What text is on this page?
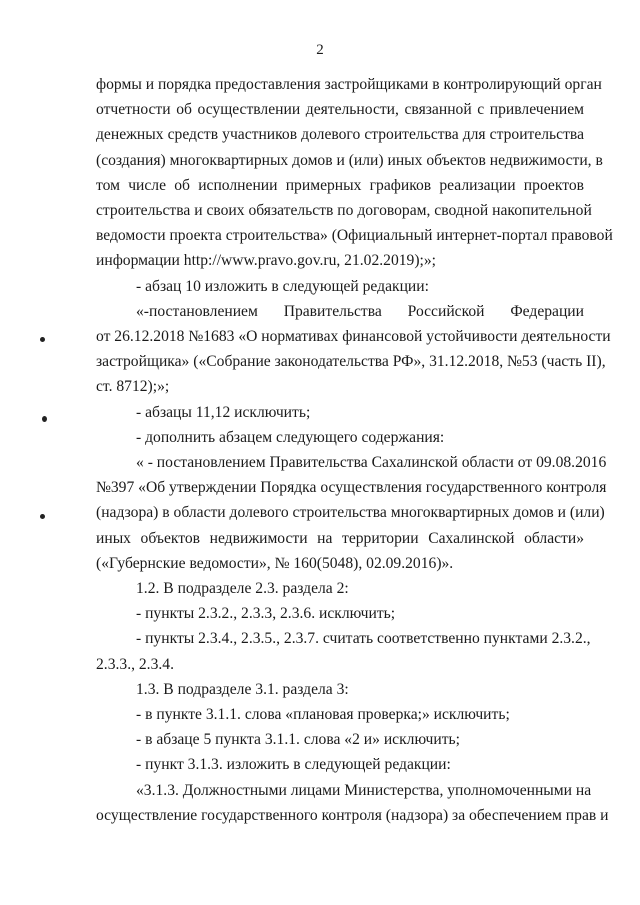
2
формы и порядка предоставления застройщиками в контролирующий орган
отчетности об осуществлении деятельности, связанной с привлечением
денежных средств участников долевого строительства для строительства
(создания) многоквартирных домов и (или) иных объектов недвижимости, в
том числе об исполнении примерных графиков реализации проектов
строительства и своих обязательств по договорам, сводной накопительной
ведомости проекта строительства» (Официальный интернет-портал правовой
информации http://www.pravo.gov.ru, 21.02.2019);»;
- абзац 10 изложить в следующей редакции:
«-постановлением Правительства Российской Федерации
от 26.12.2018 №1683 «О нормативах финансовой устойчивости деятельности
застройщика» («Собрание законодательства РФ», 31.12.2018, №53 (часть II),
ст. 8712);»;
- абзацы 11,12 исключить;
- дополнить абзацем следующего содержания:
« - постановлением Правительства Сахалинской области от 09.08.2016
№397 «Об утверждении Порядка осуществления государственного контроля
(надзора) в области долевого строительства многоквартирных домов и (или)
иных объектов недвижимости на территории Сахалинской области»
(«Губернские ведомости», № 160(5048), 02.09.2016)».
1.2. В подразделе 2.3. раздела 2:
- пункты 2.3.2., 2.3.3, 2.3.6. исключить;
- пункты 2.3.4., 2.3.5., 2.3.7. считать соответственно пунктами 2.3.2.,
2.3.3., 2.3.4.
1.3. В подразделе 3.1. раздела 3:
- в пункте 3.1.1. слова «плановая проверка;» исключить;
- в абзаце 5 пункта 3.1.1. слова «2 и» исключить;
- пункт 3.1.3. изложить в следующей редакции:
«3.1.3. Должностными лицами Министерства, уполномоченными на
осуществление государственного контроля (надзора) за обеспечением прав и
